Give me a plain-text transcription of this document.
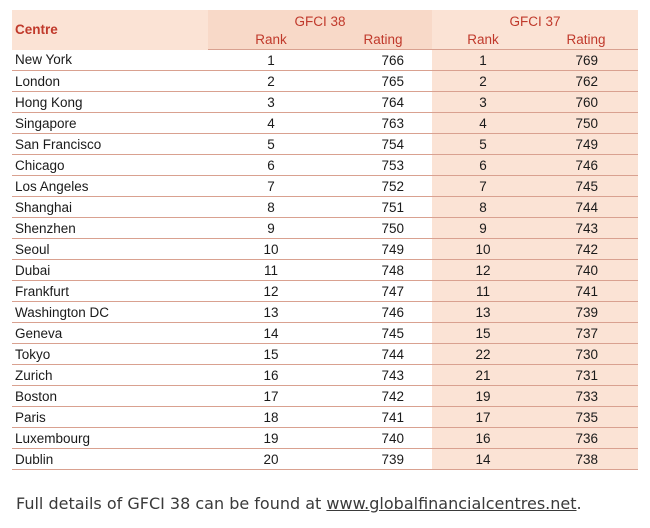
Centre	GFCI 38		GFCI 37	
	Rank	Rating	Rank	Rating
New York	1	766	1	769
London	2	765	2	762
Hong Kong	3	764	3	760
Singapore	4	763	4	750
San Francisco	5	754	5	749
Chicago	6	753	6	746
Los Angeles	7	752	7	745
Shanghai	8	751	8	744
Shenzhen	9	750	9	743
Seoul	10	749	10	742
Dubai	11	748	12	740
Frankfurt	12	747	11	741
Washington DC	13	746	13	739
Geneva	14	745	15	737
Tokyo	15	744	22	730
Zurich	16	743	21	731
Boston	17	742	19	733
Paris	18	741	17	735
Luxembourg	19	740	16	736
Dublin	20	739	14	738
Full details of GFCI 38 can be found at www.globalfinancialcentres.net.
